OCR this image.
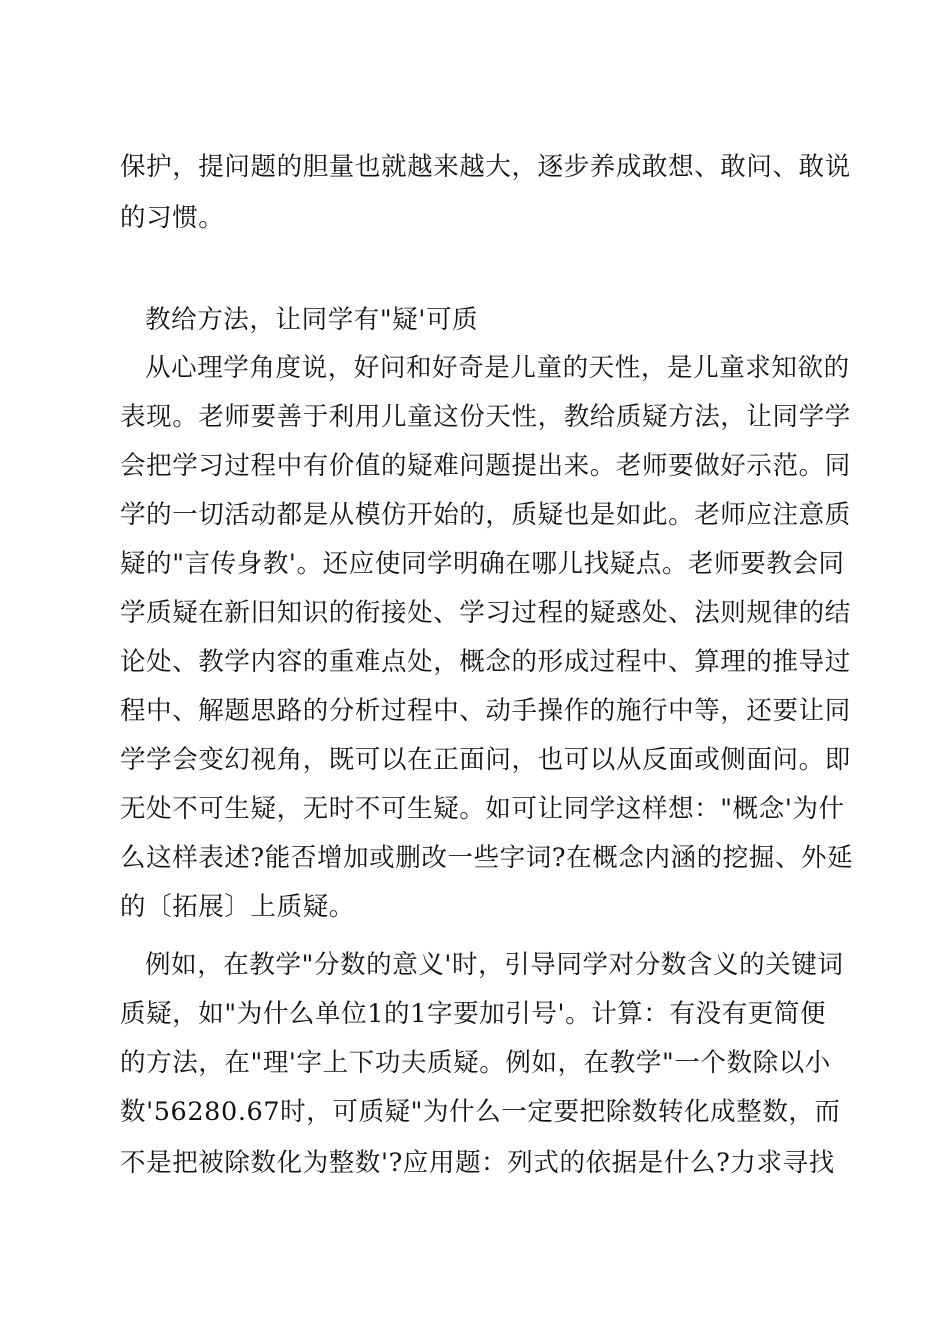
保护，提问题的胆量也就越来越大，逐步养成敢想、敢问、敢说
的习惯。
教给方法，让同学有"疑'可质
从心理学角度说，好问和好奇是儿童的天性，是儿童求知欲的
表现。老师要善于利用儿童这份天性，教给质疑方法，让同学学
会把学习过程中有价值的疑难问题提出来。老师要做好示范。同
学的一切活动都是从模仿开始的，质疑也是如此。老师应注意质
疑的"言传身教'。还应使同学明确在哪儿找疑点。老师要教会同
学质疑在新旧知识的衔接处、学习过程的疑惑处、法则规律的结
论处、教学内容的重难点处，概念的形成过程中、算理的推导过
程中、解题思路的分析过程中、动手操作的施行中等，还要让同
学学会变幻视角，既可以在正面问，也可以从反面或侧面问。即
无处不可生疑，无时不可生疑。如可让同学这样想："概念'为什
么这样表述?能否增加或删改一些字词?在概念内涵的挖掘、外延
的〔拓展〕上质疑。
例如，在教学"分数的意义'时，引导同学对分数含义的关键词
质疑，如"为什么单位1的1字要加引号'。计算：有没有更简便
的方法，在"理'字上下功夫质疑。例如，在教学"一个数除以小
数'56280.67时，可质疑"为什么一定要把除数转化成整数，而
不是把被除数化为整数'?应用题：列式的依据是什么?力求寻找
